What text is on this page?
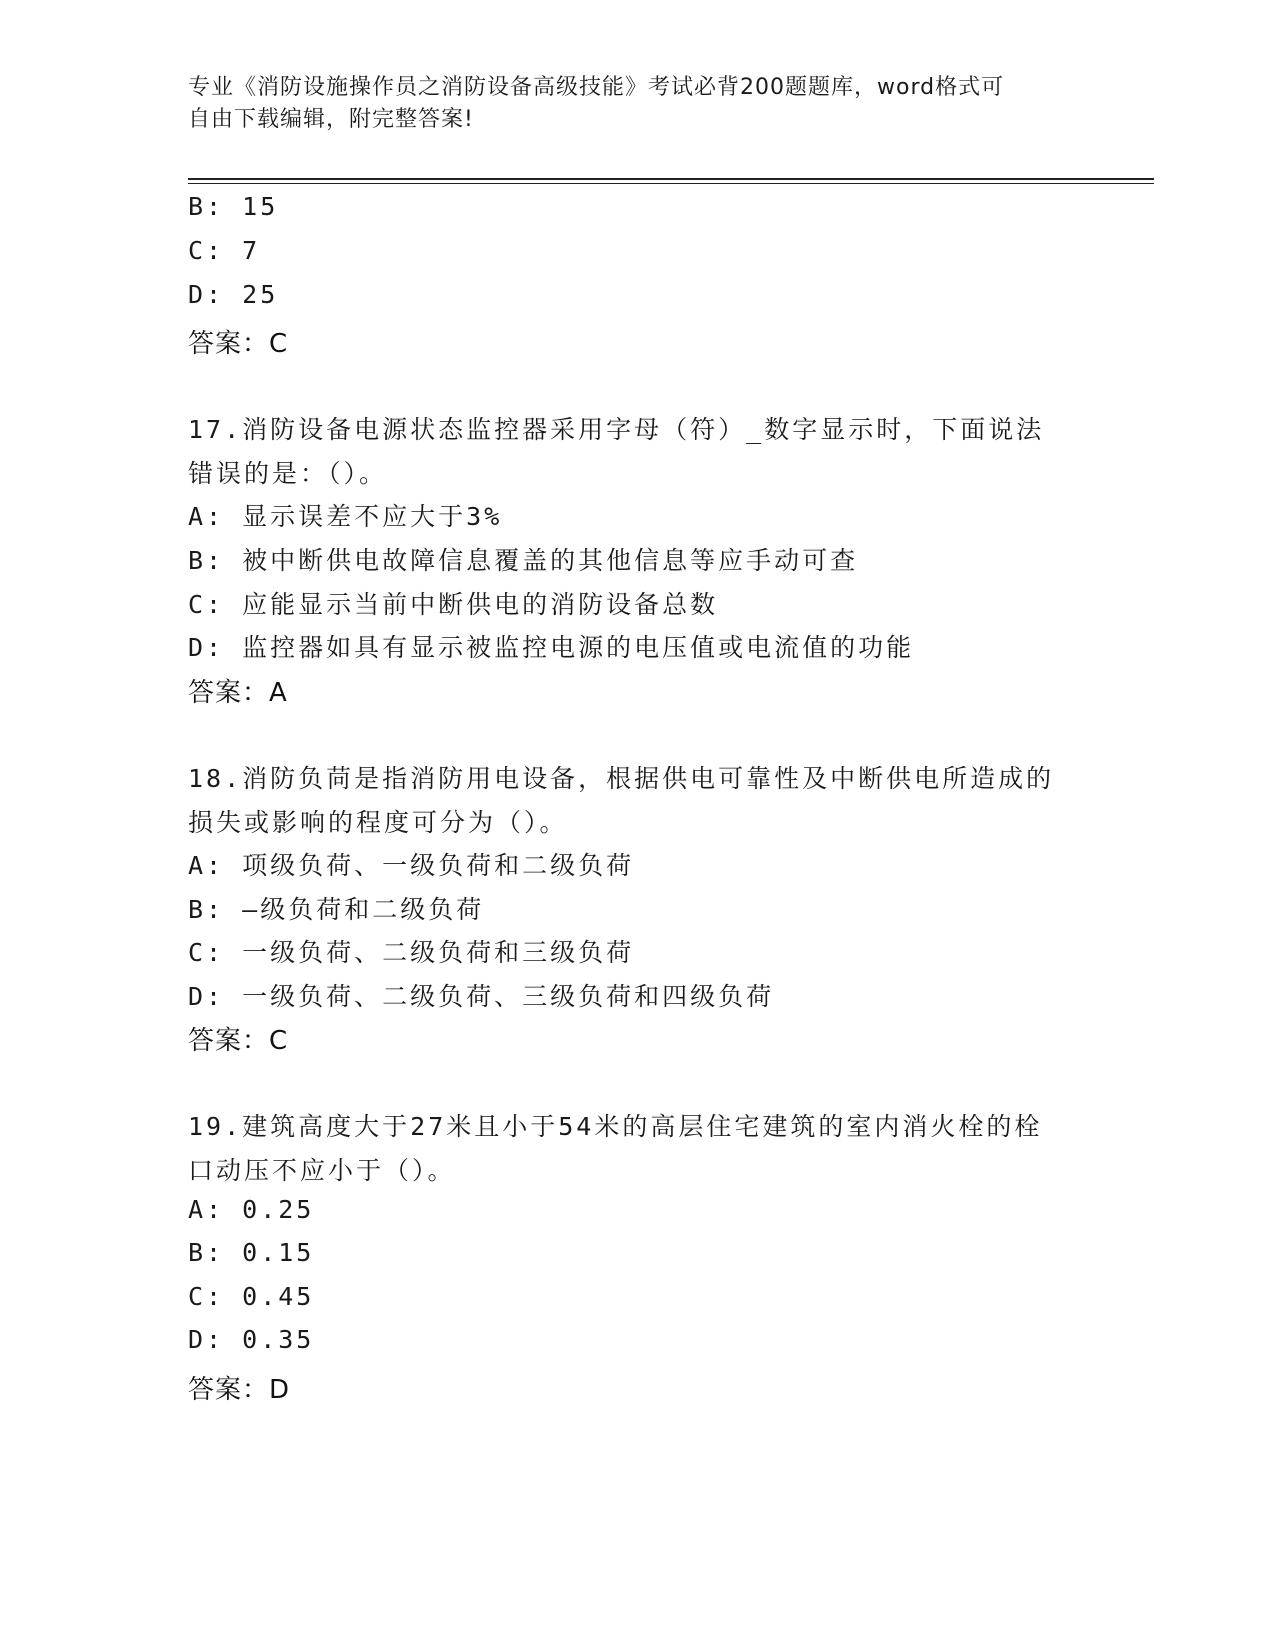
专业《消防设施操作员之消防设备高级技能》考试必背200题题库，word格式可
自由下载编辑，附完整答案!
B: 15
C: 7
D: 25
答案：C
17.消防设备电源状态监控器采用字母（符）_数字显示时，下面说法
错误的是：（）。
A: 显示误差不应大于3%
B: 被中断供电故障信息覆盖的其他信息等应手动可查
C: 应能显示当前中断供电的消防设备总数
D: 监控器如具有显示被监控电源的电压值或电流值的功能
答案：A
18.消防负苘是指消防用电设备，根据供电可靠性及中断供电所造成的
损失或影响的程度可分为（）。
A: 项级负荷、一级负荷和二级负荷
B: —级负荷和二级负荷
C: 一级负荷、二级负荷和三级负荷
D: 一级负荷、二级负荷、三级负荷和四级负荷
答案：C
19.建筑高度大于27米且小于54米的高层住宅建筑的室内消火栓的栓
口动压不应小于（）。
A: 0.25
B: 0.15
C: 0.45
D: 0.35
答案：D
